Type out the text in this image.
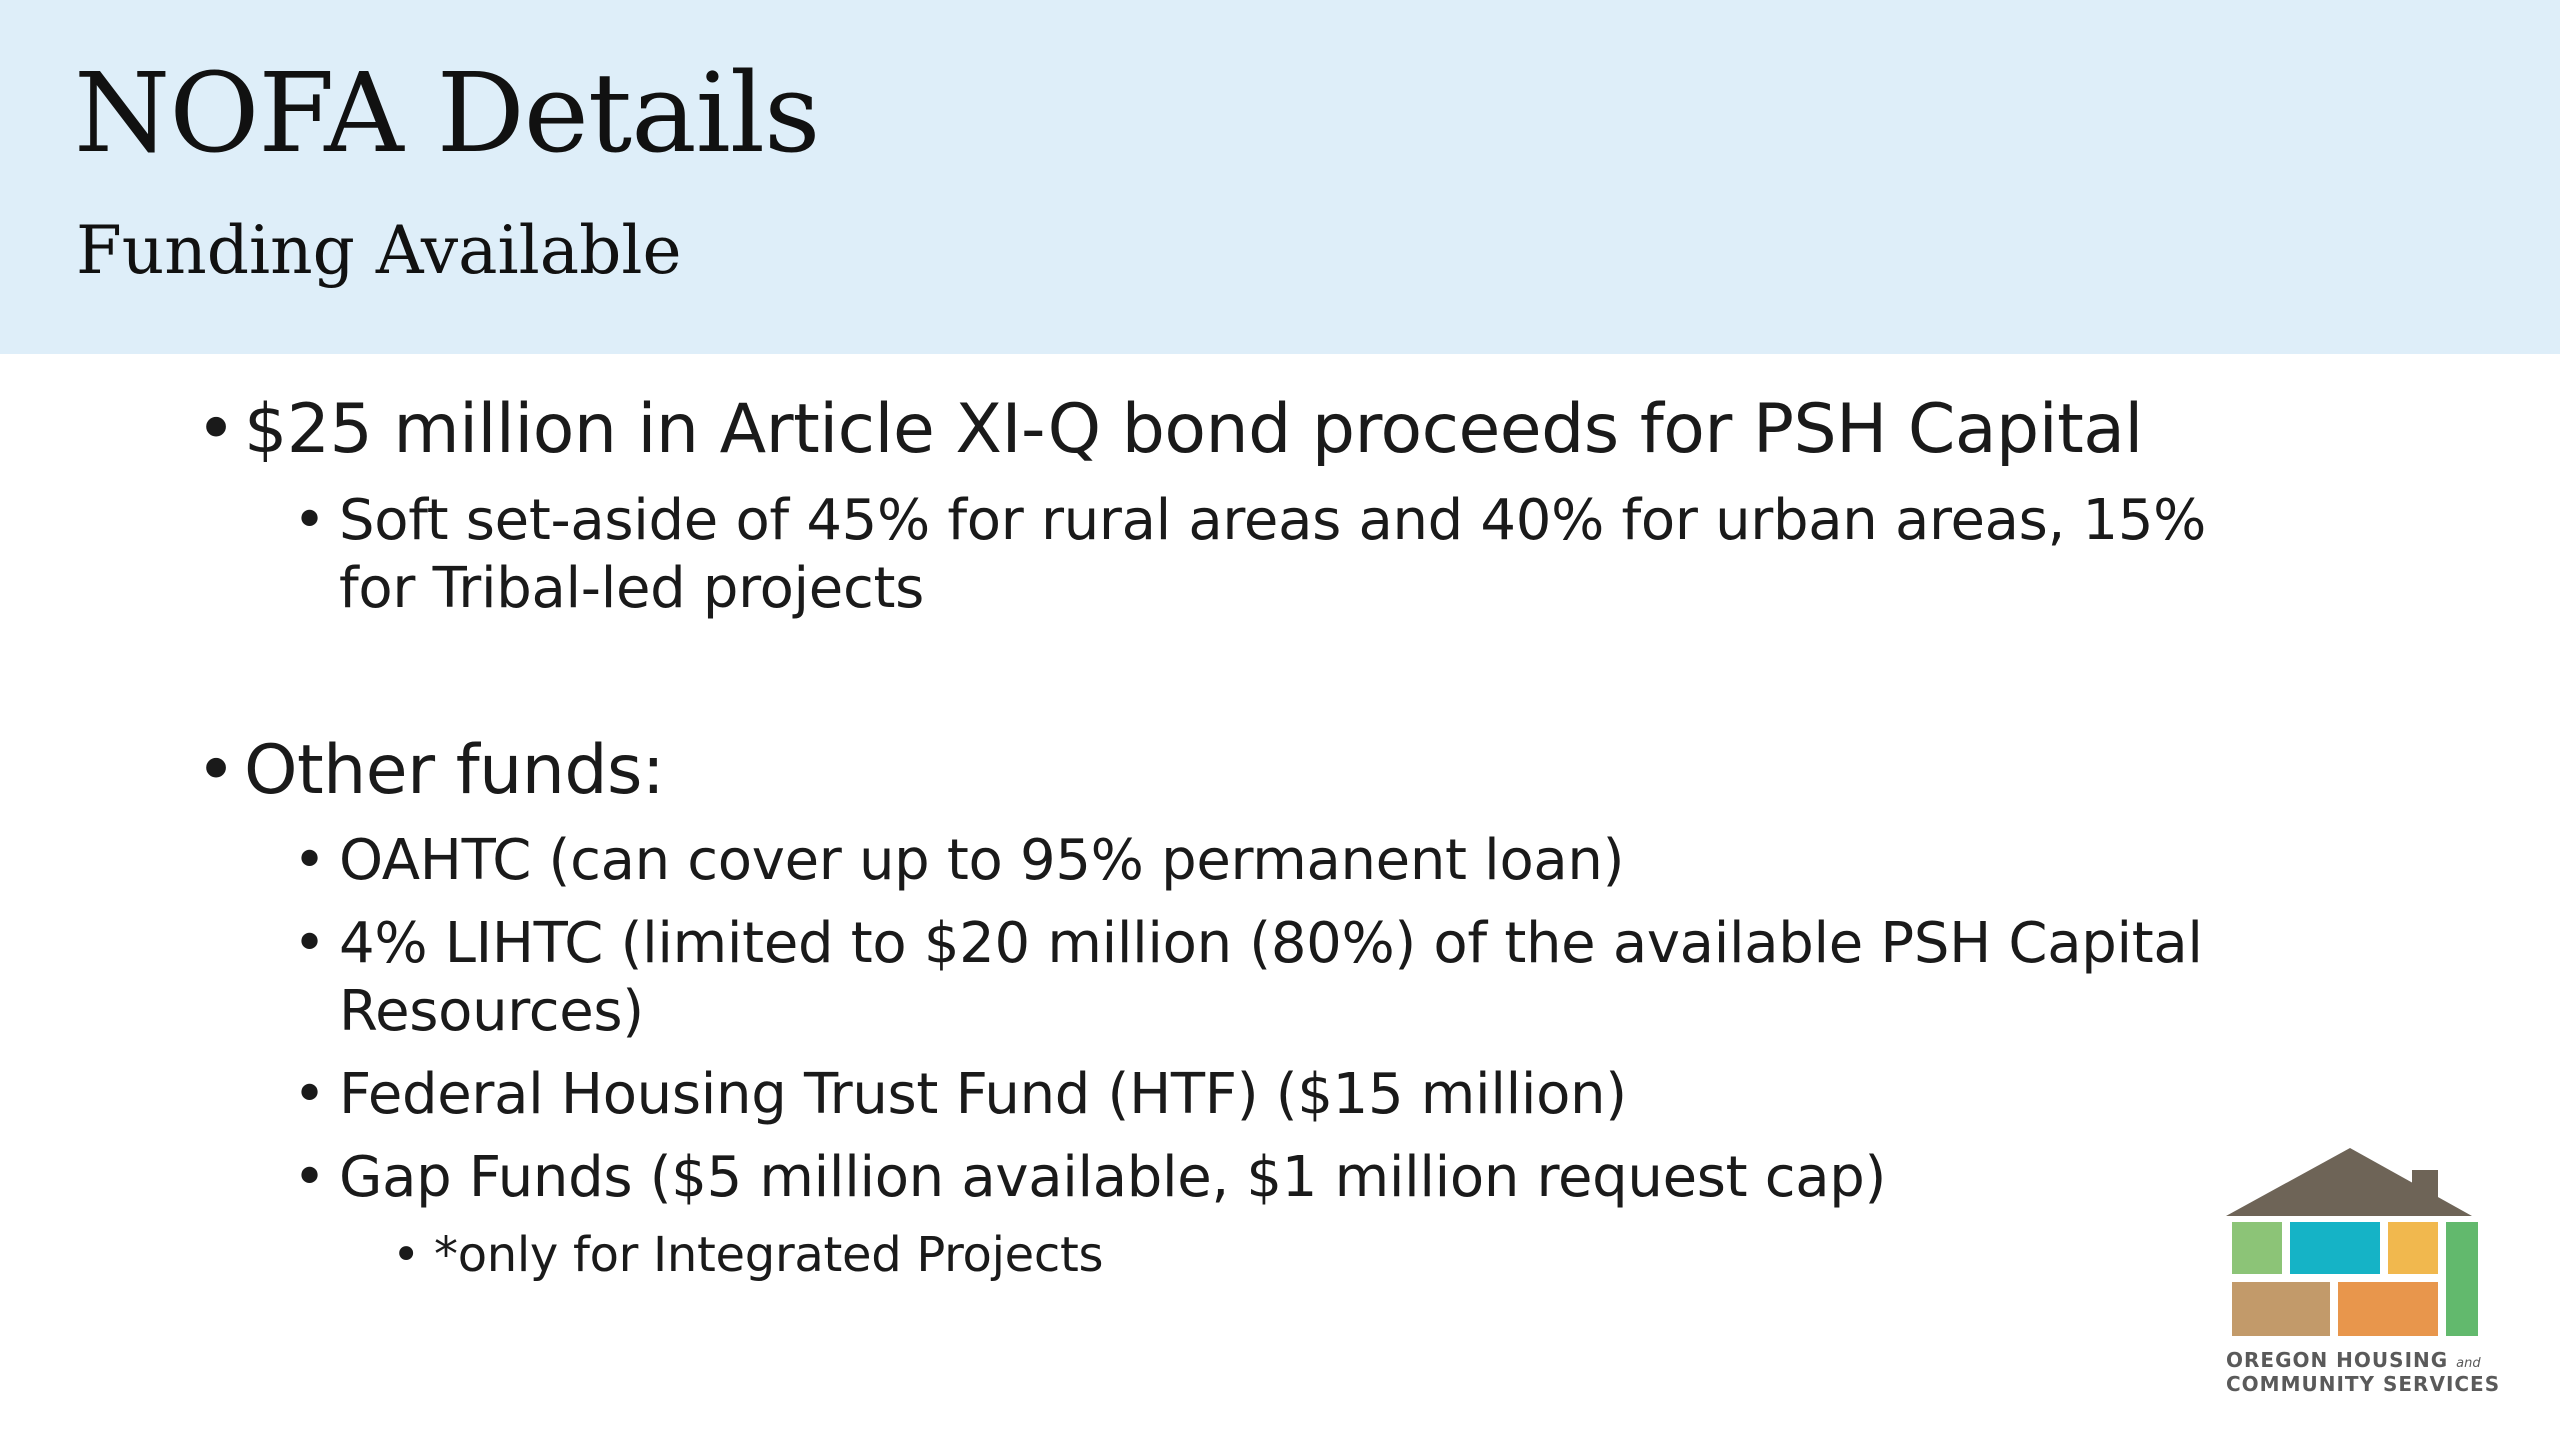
NOFA Details
Funding Available

• $25 million in Article XI-Q bond proceeds for PSH Capital

• Soft set-aside of 45% for rural areas and 40% for urban areas, 15%

for Tribal-led projects

• Other funds:

• OAHTC (can cover up to 95% permanent loan)

• 4% LIHTC (limited to $20 million (80%) of the available PSH Capital

Resources)

• Federal Housing Trust Fund (HTF) ($15 million)

• Gap Funds ($5 million available, $1 million request cap)

• *only for Integrated Projects

OREGON HOUSING and
COMMUNITY SERVICES
